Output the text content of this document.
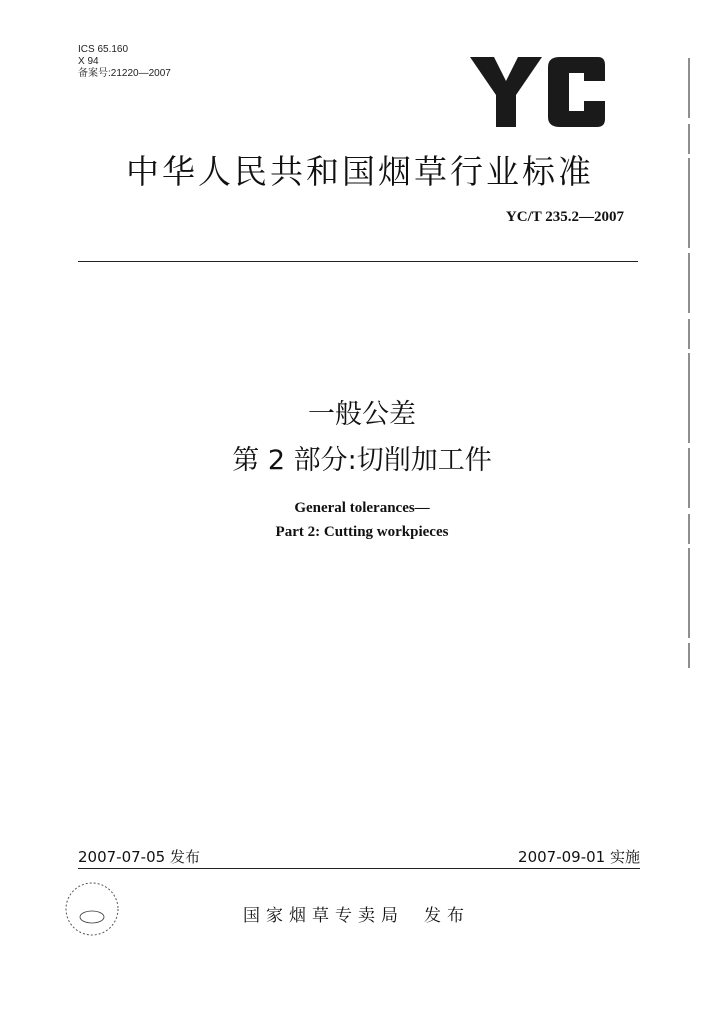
ICS 65.160
X 94
备案号:21220—2007
中华人民共和国烟草行业标准
YC/T 235.2—2007
一般公差
第 2 部分:切削加工件
General tolerances—
Part 2: Cutting workpieces
2007-07-05 发布	2007-09-01 实施
国家烟草专卖局 发布
